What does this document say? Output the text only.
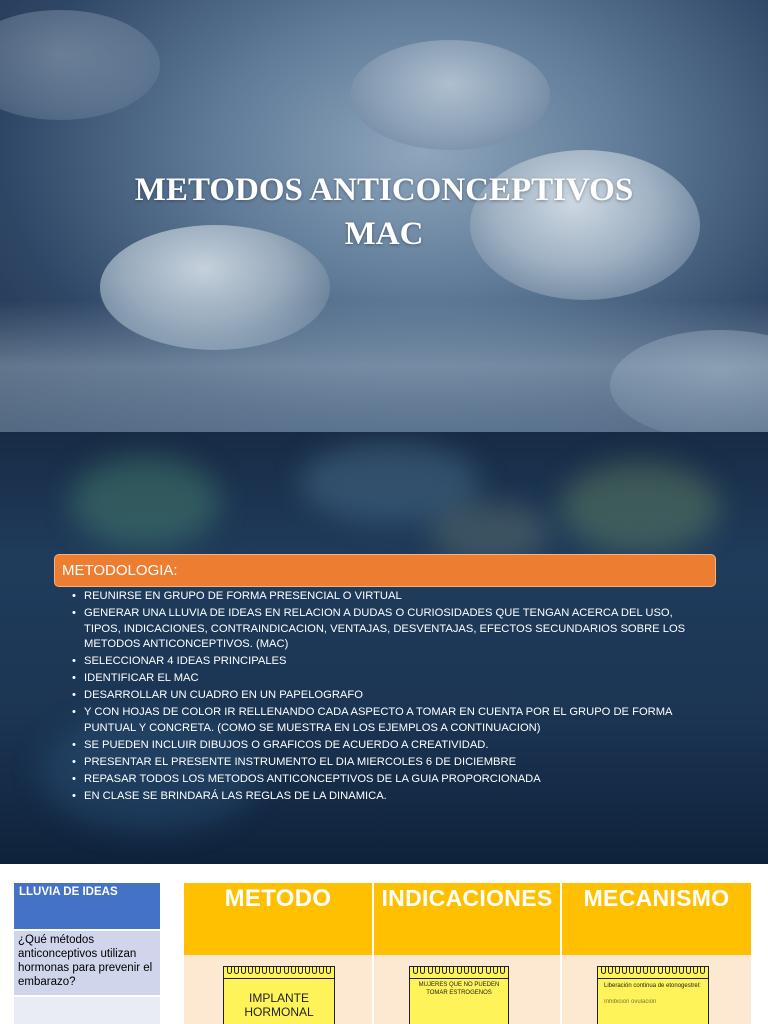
METODOS ANTICONCEPTIVOS
MAC
METODOLOGIA:
• REUNIRSE EN GRUPO DE FORMA PRESENCIAL O VIRTUAL
• GENERAR UNA LLUVIA DE IDEAS EN RELACION A DUDAS O CURIOSIDADES QUE TENGAN ACERCA DEL USO, TIPOS, INDICACIONES, CONTRAINDICACION, VENTAJAS, DESVENTAJAS, EFECTOS SECUNDARIOS SOBRE LOS METODOS ANTICONCEPTIVOS. (MAC)
• SELECCIONAR 4 IDEAS PRINCIPALES
• IDENTIFICAR EL MAC
• DESARROLLAR UN CUADRO EN UN PAPELOGRAFO
• Y CON HOJAS DE COLOR IR RELLENANDO CADA ASPECTO A TOMAR EN CUENTA POR EL GRUPO DE FORMA PUNTUAL Y CONCRETA. (COMO SE MUESTRA EN LOS EJEMPLOS A CONTINUACION)
• SE PUEDEN INCLUIR DIBUJOS O GRAFICOS DE ACUERDO A CREATIVIDAD.
• PRESENTAR EL PRESENTE INSTRUMENTO EL DIA MIERCOLES 6 DE DICIEMBRE
• REPASAR TODOS LOS METODOS ANTICONCEPTIVOS DE LA GUIA PROPORCIONADA
• EN CLASE SE BRINDARÁ LAS REGLAS DE LA DINAMICA.
LLUVIA DE IDEAS
¿Qué métodos anticonceptivos utilizan hormonas para prevenir el embarazo?
METODO
IMPLANTE HORMONAL
INDICACIONES
MUJERES QUE NO PUEDEN TOMAR ESTROGENOS
MECANISMO
Liberación continua de etonogestrel:

Inhibición ovulación
